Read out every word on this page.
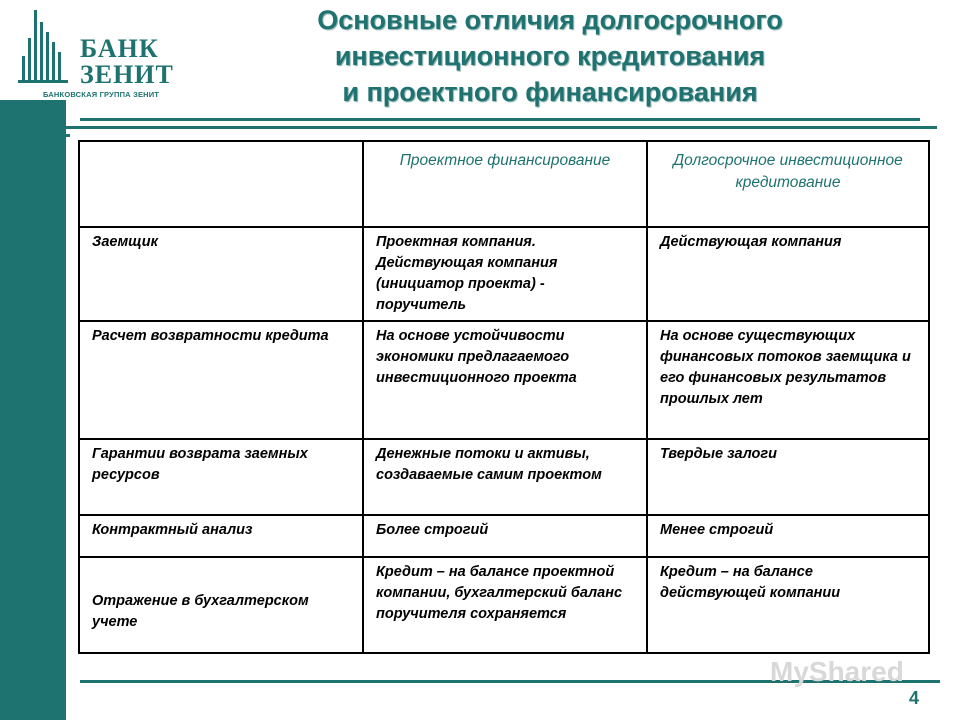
БАНК
ЗЕНИТ
БАНКОВСКАЯ ГРУППА ЗЕНИТ
Основные отличия долгосрочного
инвестиционного кредитования
и проектного финансирования
	Проектное финансирование	Долгосрочное инвестиционное кредитование
Заемщик	Проектная компания. Действующая компания (инициатор проекта) - поручитель	Действующая компания
Расчет возвратности кредита	На основе устойчивости экономики предлагаемого инвестиционного проекта	На основе существующих финансовых потоков заемщика и его финансовых результатов прошлых лет
Гарантии возврата заемных ресурсов	Денежные потоки и активы, создаваемые самим проектом	Твердые залоги
Контрактный анализ	Более строгий	Менее строгий
Отражение в бухгалтерском учете	Кредит – на балансе проектной компании, бухгалтерский баланс поручителя сохраняется	Кредит – на балансе действующей компании
MyShared
4
